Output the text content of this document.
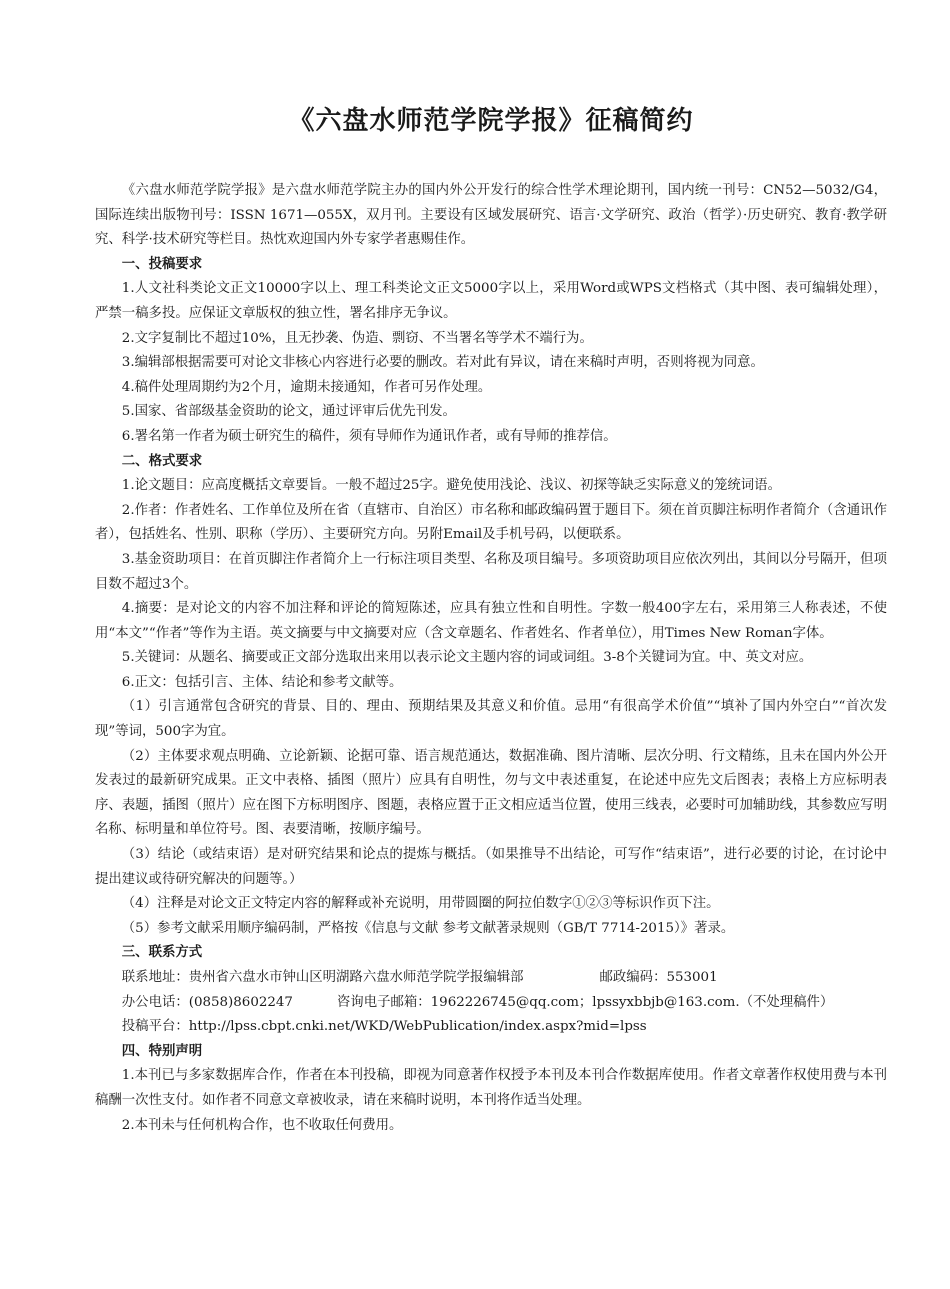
《六盘水师范学院学报》征稿简约

《六盘水师范学院学报》是六盘水师范学院主办的国内外公开发行的综合性学术理论期刊，国内统一刊号：CN52—5032/G4，国际连续出版物刊号：ISSN 1671—055X，双月刊。主要设有区域发展研究、语言·文学研究、政治（哲学）·历史研究、教育·教学研究、科学·技术研究等栏目。热忱欢迎国内外专家学者惠赐佳作。

一、投稿要求

1.人文社科类论文正文10000字以上、理工科类论文正文5000字以上，采用Word或WPS文档格式（其中图、表可编辑处理），严禁一稿多投。应保证文章版权的独立性，署名排序无争议。

2.文字复制比不超过10%，且无抄袭、伪造、剽窃、不当署名等学术不端行为。

3.编辑部根据需要可对论文非核心内容进行必要的删改。若对此有异议，请在来稿时声明，否则将视为同意。

4.稿件处理周期约为2个月，逾期未接通知，作者可另作处理。

5.国家、省部级基金资助的论文，通过评审后优先刊发。

6.署名第一作者为硕士研究生的稿件，须有导师作为通讯作者，或有导师的推荐信。

二、格式要求

1.论文题目：应高度概括文章要旨。一般不超过25字。避免使用浅论、浅议、初探等缺乏实际意义的笼统词语。

2.作者：作者姓名、工作单位及所在省（直辖市、自治区）市名称和邮政编码置于题目下。须在首页脚注标明作者简介（含通讯作者），包括姓名、性别、职称（学历）、主要研究方向。另附Email及手机号码，以便联系。

3.基金资助项目：在首页脚注作者简介上一行标注项目类型、名称及项目编号。多项资助项目应依次列出，其间以分号隔开，但项目数不超过3个。

4.摘要：是对论文的内容不加注释和评论的简短陈述，应具有独立性和自明性。字数一般400字左右，采用第三人称表述，不使用“本文”“作者”等作为主语。英文摘要与中文摘要对应（含文章题名、作者姓名、作者单位），用Times New Roman字体。

5.关键词：从题名、摘要或正文部分选取出来用以表示论文主题内容的词或词组。3-8个关键词为宜。中、英文对应。

6.正文：包括引言、主体、结论和参考文献等。

（1）引言通常包含研究的背景、目的、理由、预期结果及其意义和价值。忌用“有很高学术价值”“填补了国内外空白”“首次发现”等词，500字为宜。

（2）主体要求观点明确、立论新颖、论据可靠、语言规范通达，数据准确、图片清晰、层次分明、行文精练，且未在国内外公开发表过的最新研究成果。正文中表格、插图（照片）应具有自明性，勿与文中表述重复，在论述中应先文后图表；表格上方应标明表序、表题，插图（照片）应在图下方标明图序、图题，表格应置于正文相应适当位置，使用三线表，必要时可加辅助线，其参数应写明名称、标明量和单位符号。图、表要清晰，按顺序编号。

（3）结论（或结束语）是对研究结果和论点的提炼与概括。（如果推导不出结论，可写作“结束语”，进行必要的讨论，在讨论中提出建议或待研究解决的问题等。）

（4）注释是对论文正文特定内容的解释或补充说明，用带圆圈的阿拉伯数字①②③等标识作页下注。

（5）参考文献采用顺序编码制，严格按《信息与文献 参考文献著录规则（GB/T 7714-2015）》著录。

三、联系方式

联系地址：贵州省六盘水市钟山区明湖路六盘水师范学院学报编辑部	邮政编码：553001

办公电话：(0858)8602247	咨询电子邮箱：1962226745@qq.com；lpssyxbbjb@163.com.（不处理稿件）

投稿平台：http://lpss.cbpt.cnki.net/WKD/WebPublication/index.aspx?mid=lpss

四、特别声明

1.本刊已与多家数据库合作，作者在本刊投稿，即视为同意著作权授予本刊及本刊合作数据库使用。作者文章著作权使用费与本刊稿酬一次性支付。如作者不同意文章被收录，请在来稿时说明，本刊将作适当处理。

2.本刊未与任何机构合作，也不收取任何费用。
